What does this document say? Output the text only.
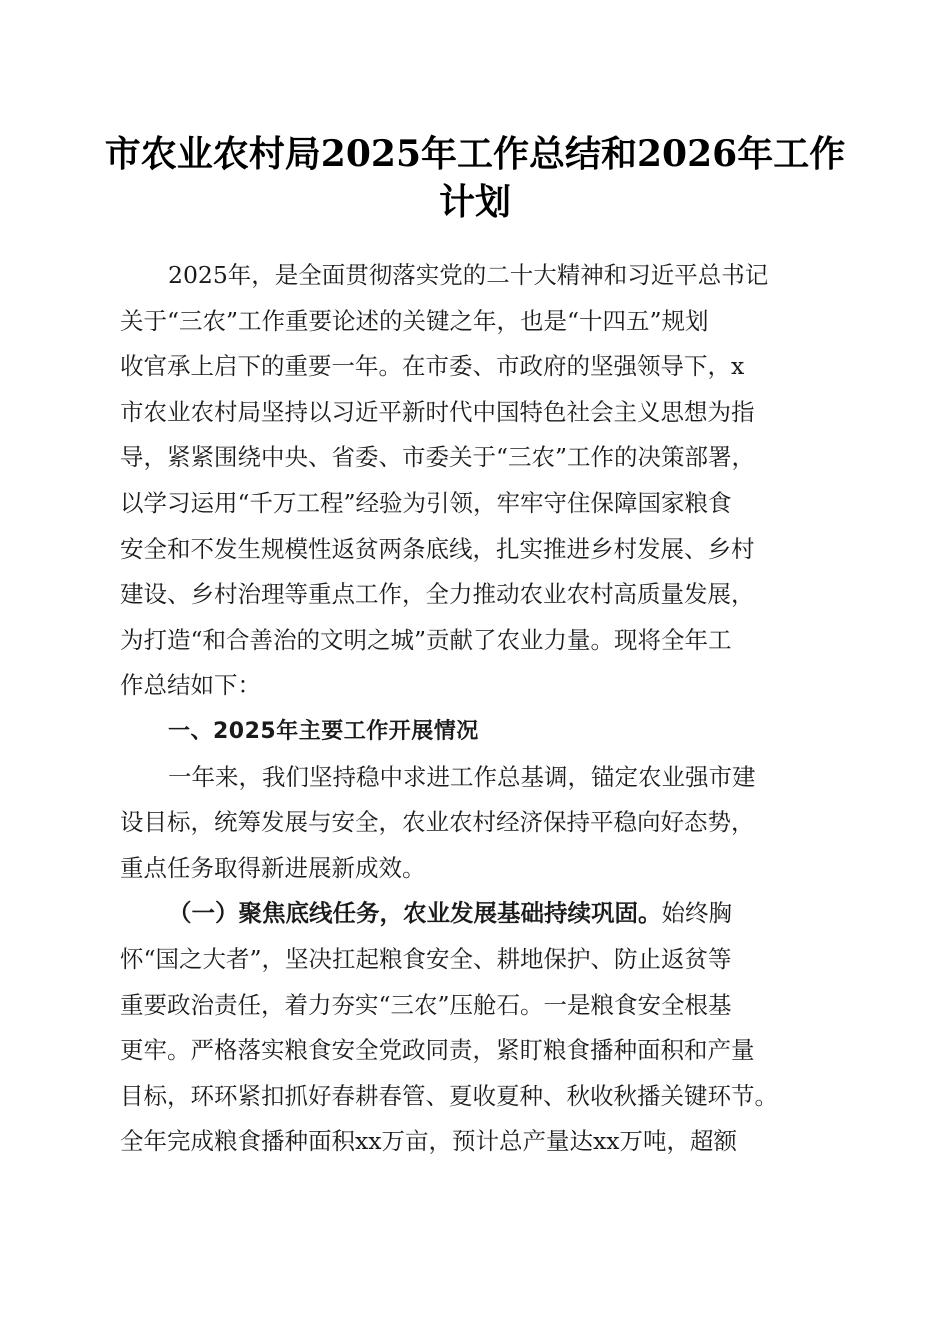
市农业农村局2025年工作总结和2026年工作
计划

2025年，是全面贯彻落实党的二十大精神和习近平总书记
关于“三农”工作重要论述的关键之年，也是“十四五”规划
收官承上启下的重要一年。在市委、市政府的坚强领导下，x
市农业农村局坚持以习近平新时代中国特色社会主义思想为指
导，紧紧围绕中央、省委、市委关于“三农”工作的决策部署，
以学习运用“千万工程”经验为引领，牢牢守住保障国家粮食
安全和不发生规模性返贫两条底线，扎实推进乡村发展、乡村
建设、乡村治理等重点工作，全力推动农业农村高质量发展，
为打造“和合善治的文明之城”贡献了农业力量。现将全年工
作总结如下：

一、2025年主要工作开展情况

一年来，我们坚持稳中求进工作总基调，锚定农业强市建
设目标，统筹发展与安全，农业农村经济保持平稳向好态势，
重点任务取得新进展新成效。

（一）聚焦底线任务，农业发展基础持续巩固。始终胸
怀“国之大者”，坚决扛起粮食安全、耕地保护、防止返贫等
重要政治责任，着力夯实“三农”压舱石。一是粮食安全根基
更牢。严格落实粮食安全党政同责，紧盯粮食播种面积和产量
目标，环环紧扣抓好春耕春管、夏收夏种、秋收秋播关键环节。
全年完成粮食播种面积xx万亩，预计总产量达xx万吨，超额
